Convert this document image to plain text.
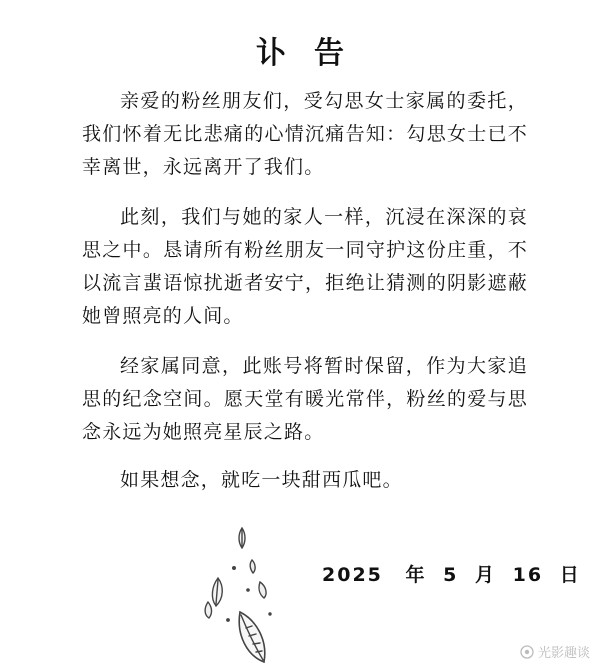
讣告
亲爱的粉丝朋友们，受勾思女士家属的委托，我们怀着无比悲痛的心情沉痛告知：勾思女士已不幸离世，永远离开了我们。
此刻，我们与她的家人一样，沉浸在深深的哀思之中。恳请所有粉丝朋友一同守护这份庄重，不以流言蜚语惊扰逝者安宁，拒绝让猜测的阴影遮蔽她曾照亮的人间。
经家属同意，此账号将暂时保留，作为大家追思的纪念空间。愿天堂有暖光常伴，粉丝的爱与思念永远为她照亮星辰之路。
如果想念，就吃一块甜西瓜吧。
2025 年 5 月 16 日
光影趣谈
